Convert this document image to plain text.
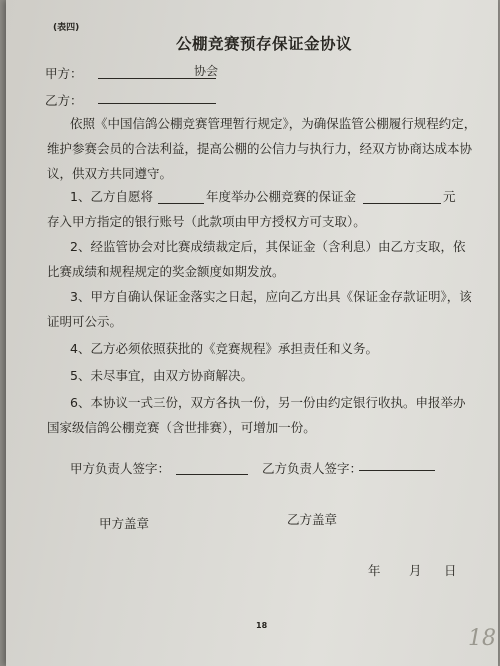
(表四)
公棚竞赛预存保证金协议
甲方：	协会
乙方：
依照《中国信鸽公棚竞赛管理暂行规定》，为确保监管公棚履行规程约定，
维护参赛会员的合法利益，提高公棚的公信力与执行力，经双方协商达成本协
议，供双方共同遵守。
1、乙方自愿将	年度举办公棚竞赛的保证金	元
存入甲方指定的银行账号（此款项由甲方授权方可支取）。
2、经监管协会对比赛成绩裁定后，其保证金（含利息）由乙方支取，依
比赛成绩和规程规定的奖金额度如期发放。
3、甲方自确认保证金落实之日起，应向乙方出具《保证金存款证明》，该
证明可公示。
4、乙方必须依照获批的《竞赛规程》承担责任和义务。
5、未尽事宜，由双方协商解决。
6、本协议一式三份，双方各执一份，另一份由约定银行收执。申报举办
国家级信鸽公棚竞赛（含世排赛），可增加一份。
甲方负责人签字：	乙方负责人签字：
甲方盖章	乙方盖章
年 月 日
18
18
